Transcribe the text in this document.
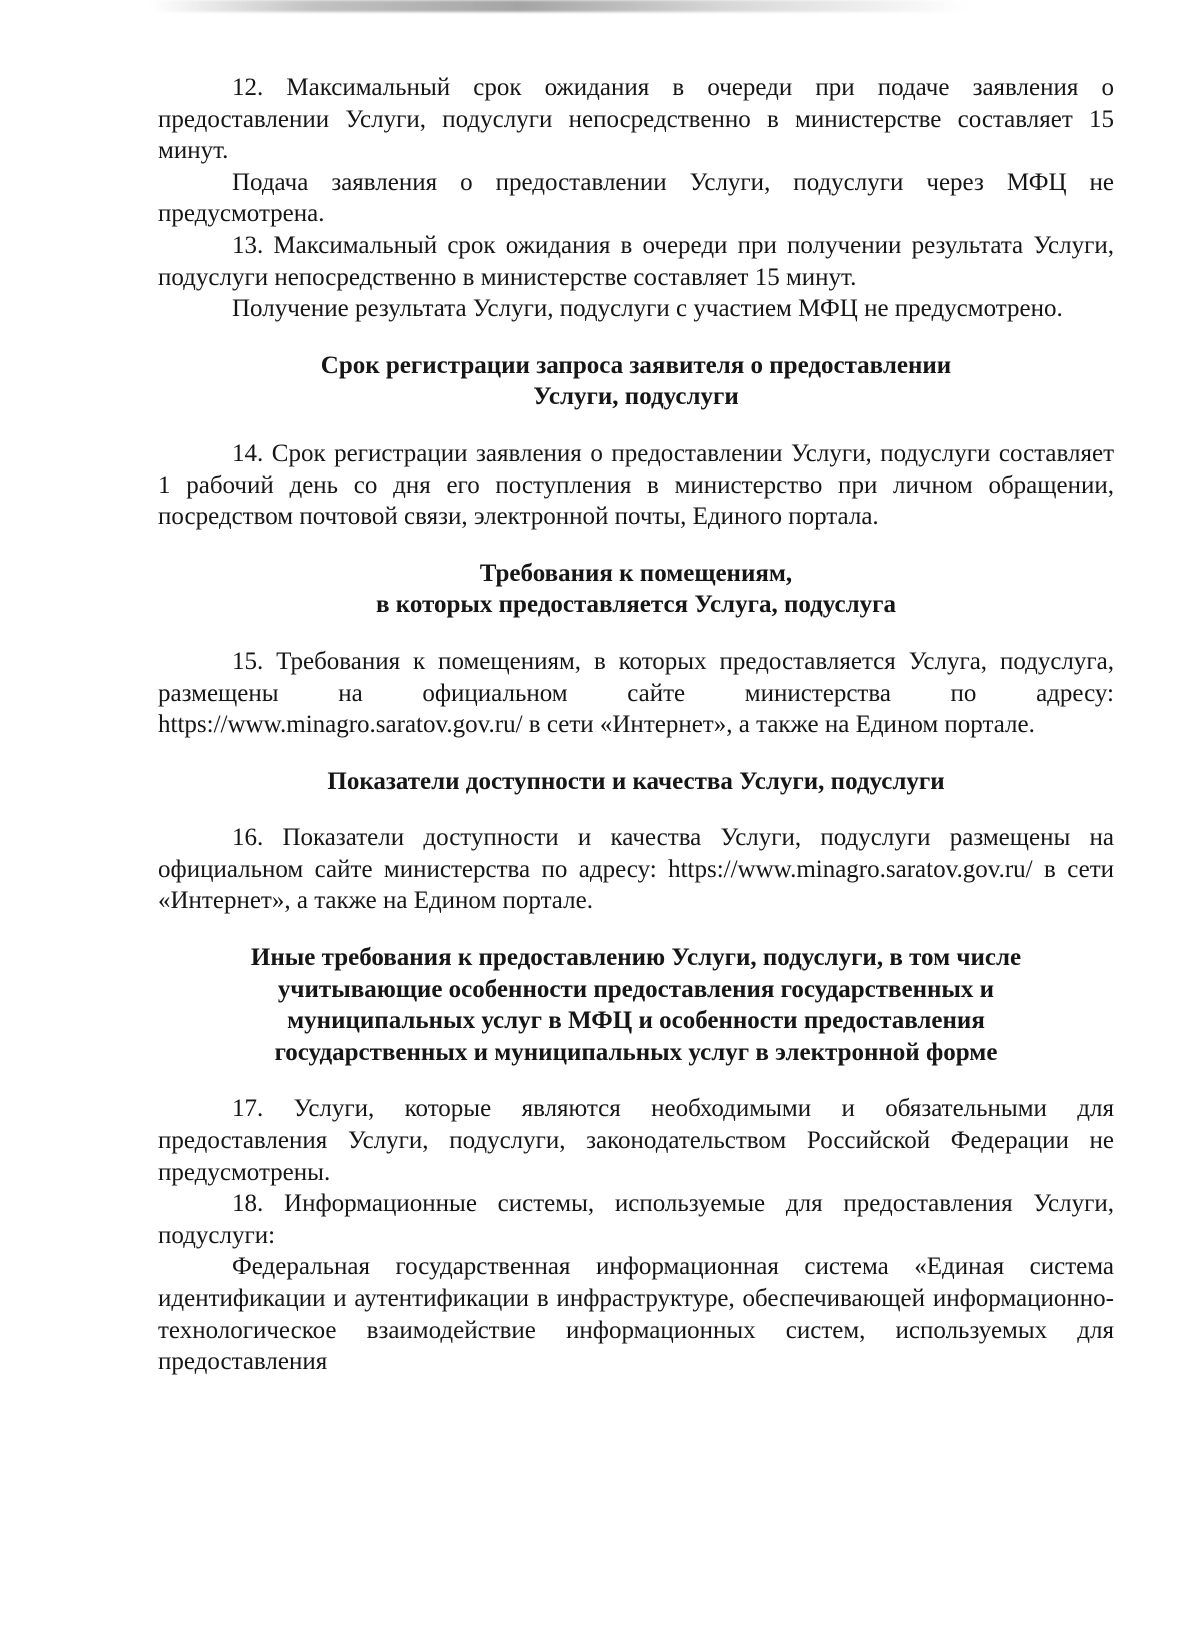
12. Максимальный срок ожидания в очереди при подаче заявления о предоставлении Услуги, подуслуги непосредственно в министерстве составляет 15 минут.

Подача заявления о предоставлении Услуги, подуслуги через МФЦ не предусмотрена.

13. Максимальный срок ожидания в очереди при получении результата Услуги, подуслуги непосредственно в министерстве составляет 15 минут.

Получение результата Услуги, подуслуги с участием МФЦ не предусмотрено.

Срок регистрации запроса заявителя о предоставлении
Услуги, подуслуги

14. Срок регистрации заявления о предоставлении Услуги, подуслуги составляет 1 рабочий день со дня его поступления в министерство при личном обращении, посредством почтовой связи, электронной почты, Единого портала.

Требования к помещениям,
в которых предоставляется Услуга, подуслуга

15. Требования к помещениям, в которых предоставляется Услуга, подуслуга, размещены на официальном сайте министерства по адресу: https://www.minagro.saratov.gov.ru/ в сети «Интернет», а также на Едином портале.

Показатели доступности и качества Услуги, подуслуги

16. Показатели доступности и качества Услуги, подуслуги размещены на официальном сайте министерства по адресу: https://www.minagro.saratov.gov.ru/ в сети «Интернет», а также на Едином портале.

Иные требования к предоставлению Услуги, подуслуги, в том числе
учитывающие особенности предоставления государственных и
муниципальных услуг в МФЦ и особенности предоставления
государственных и муниципальных услуг в электронной форме

17. Услуги, которые являются необходимыми и обязательными для предоставления Услуги, подуслуги, законодательством Российской Федерации не предусмотрены.

18. Информационные системы, используемые для предоставления Услуги, подуслуги:

Федеральная государственная информационная система «Единая система идентификации и аутентификации в инфраструктуре, обеспечивающей информационно-технологическое взаимодействие информационных систем, используемых для предоставления
